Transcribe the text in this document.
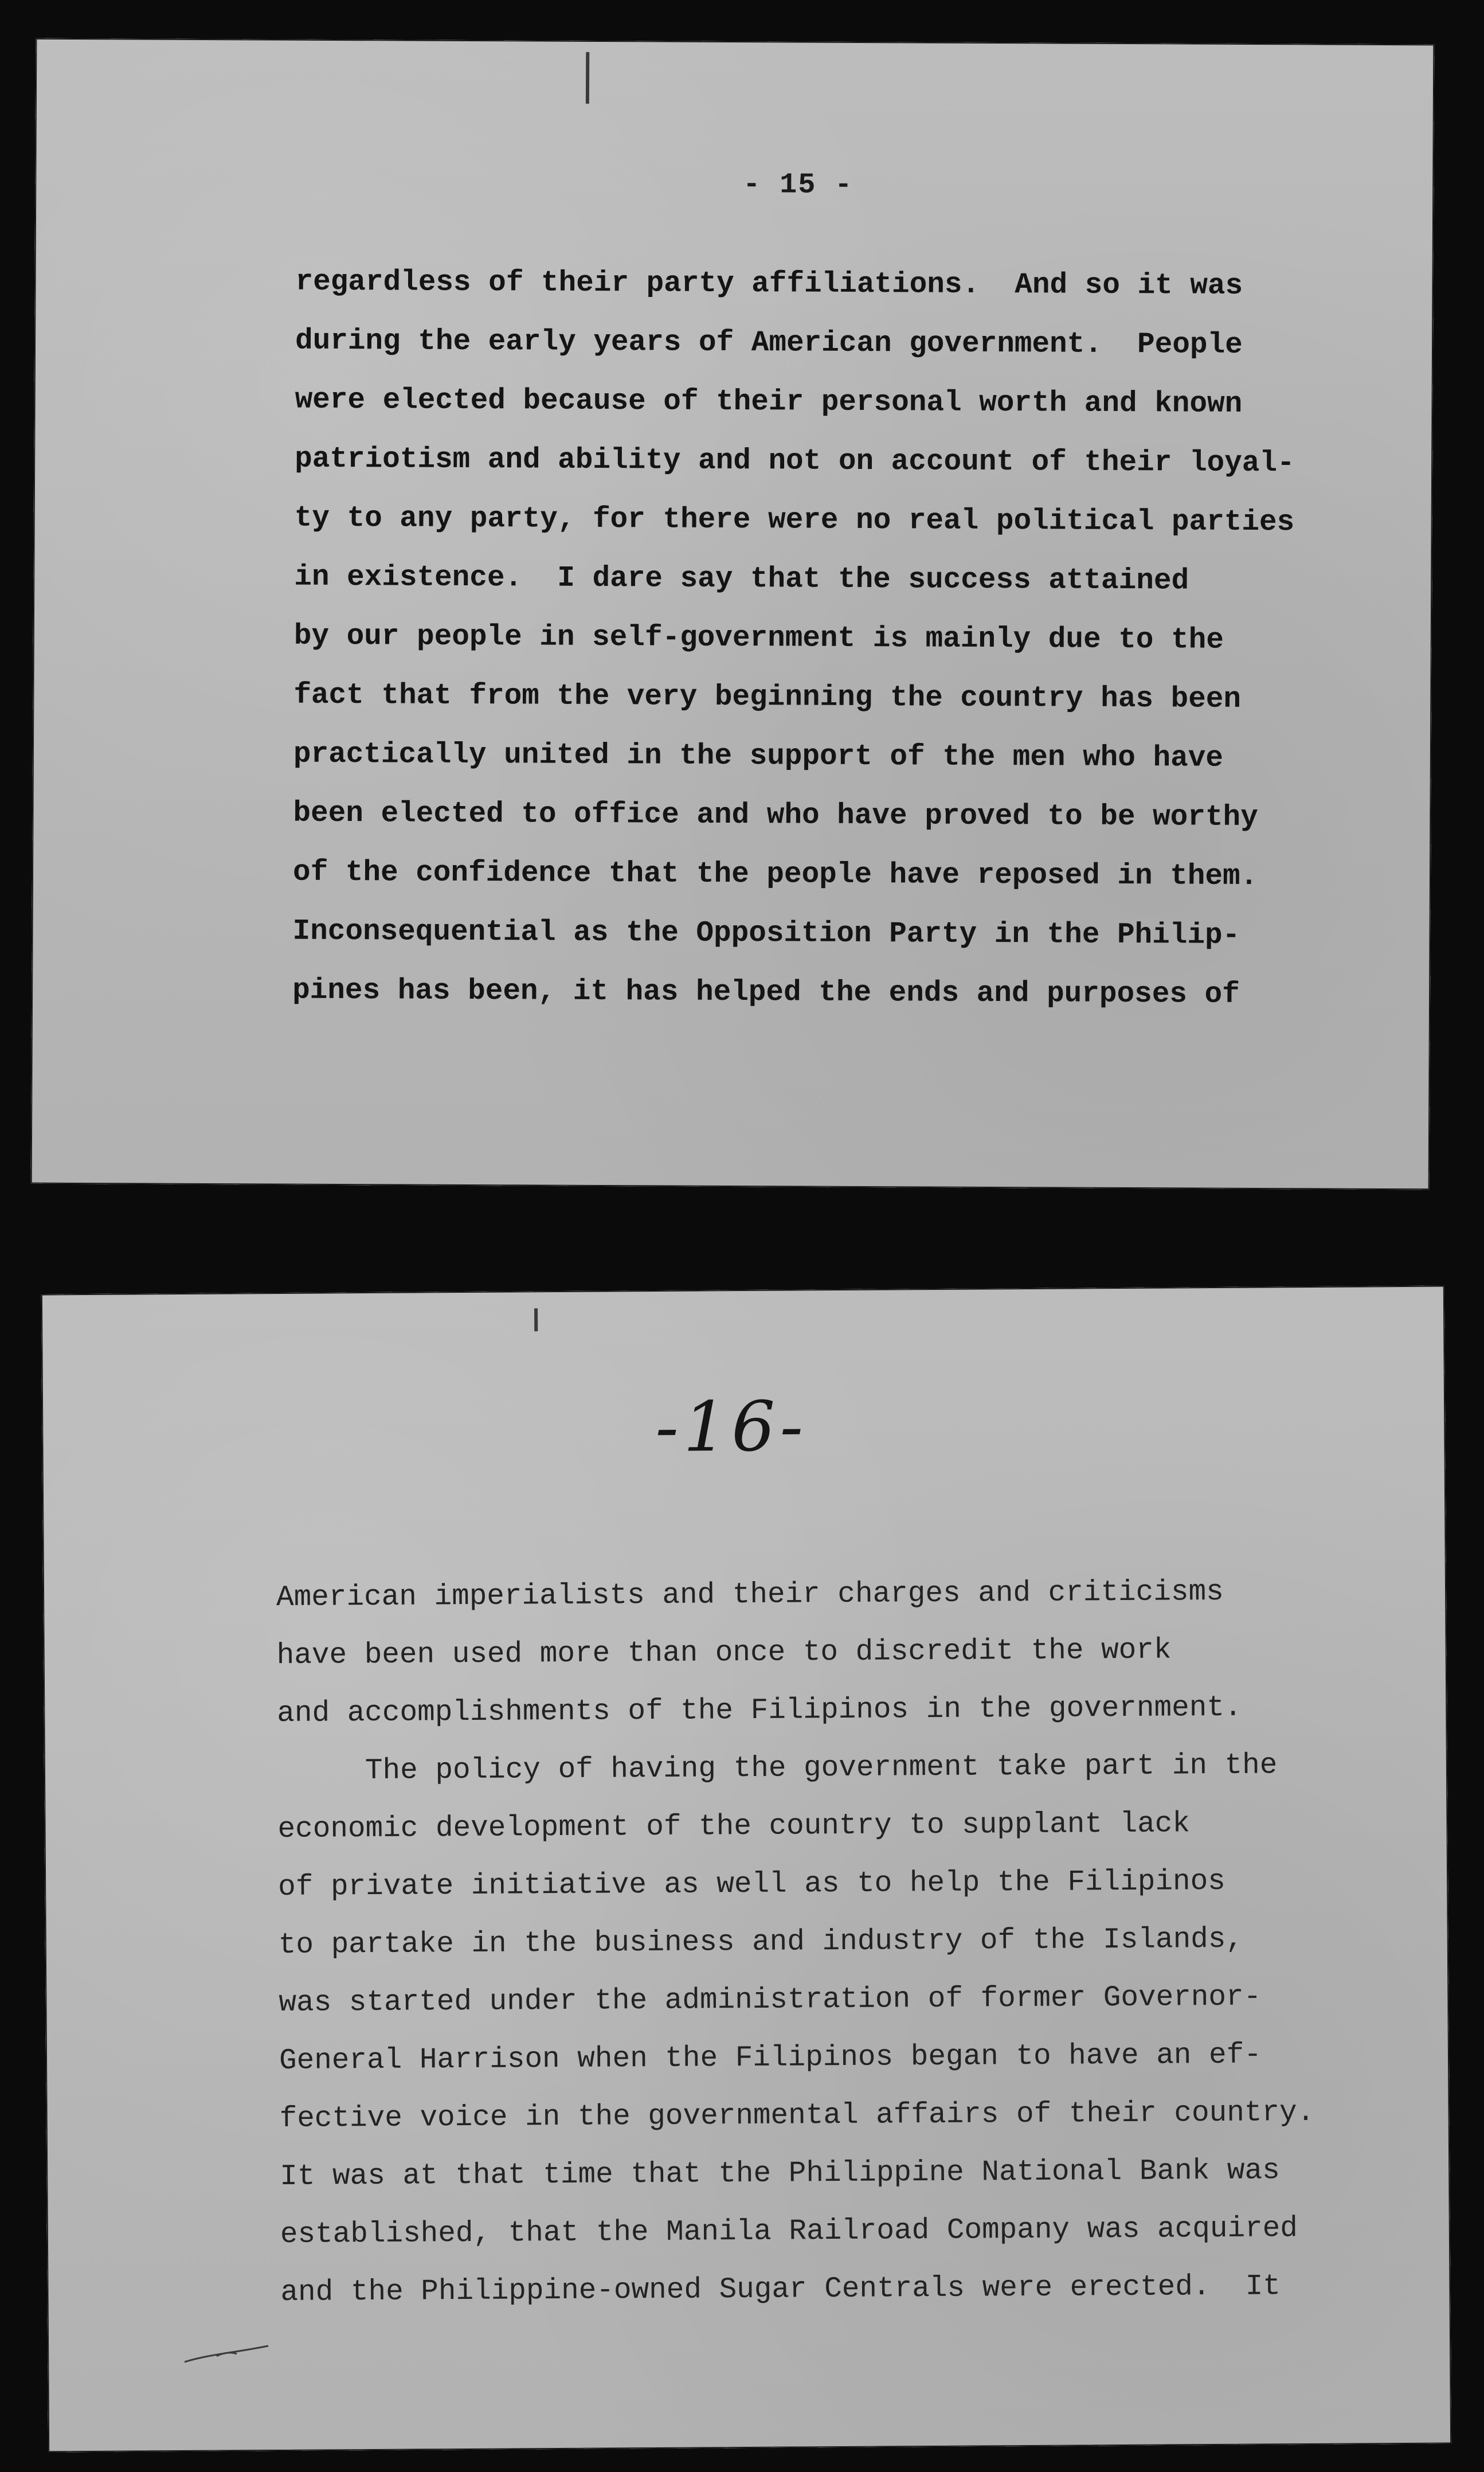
- 15 -
regardless of their party affiliations.  And so it was
during the early years of American government.  People
were elected because of their personal worth and known
patriotism and ability and not on account of their loyal-
ty to any party, for there were no real political parties
in existence.  I dare say that the success attained
by our people in self-government is mainly due to the
fact that from the very beginning the country has been
practically united in the support of the men who have
been elected to office and who have proved to be worthy
of the confidence that the people have reposed in them.
Inconsequential as the Opposition Party in the Philip-
pines has been, it has helped the ends and purposes of
-16-
American imperialists and their charges and criticisms
have been used more than once to discredit the work
and accomplishments of the Filipinos in the government.
The policy of having the government take part in the
economic development of the country to supplant lack
of private initiative as well as to help the Filipinos
to partake in the business and industry of the Islands,
was started under the administration of former Governor-
General Harrison when the Filipinos began to have an ef-
fective voice in the governmental affairs of their country.
It was at that time that the Philippine National Bank was
established, that the Manila Railroad Company was acquired
and the Philippine-owned Sugar Centrals were erected.  It
